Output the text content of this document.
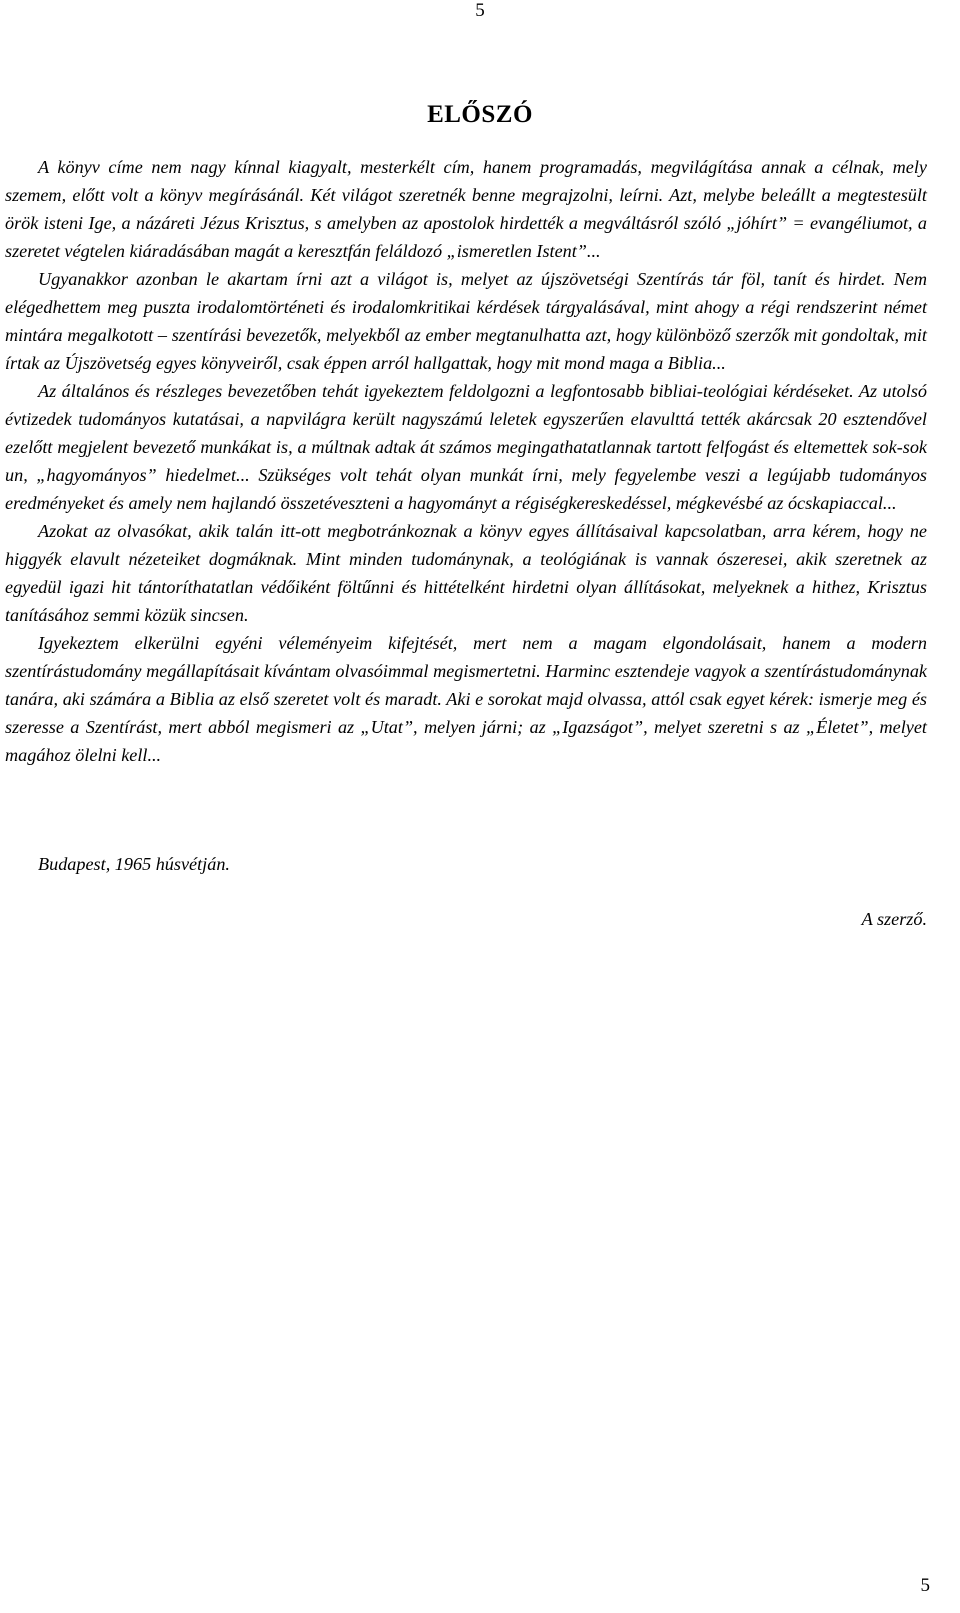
5
ELŐSZÓ

A könyv címe nem nagy kínnal kiagyalt, mesterkélt cím, hanem programadás, megvilágítása annak a célnak, mely szemem, előtt volt a könyv megírásánál. Két világot szeretnék benne megrajzolni, leírni. Azt, melybe beleállt a megtestesült örök isteni Ige, a názáreti Jézus Krisztus, s amelyben az apostolok hirdették a megváltásról szóló „jóhírt” = evangéliumot, a szeretet végtelen kiáradásában magát a keresztfán feláldozó „ismeretlen Istent”...

Ugyanakkor azonban le akartam írni azt a világot is, melyet az újszövetségi Szentírás tár föl, tanít és hirdet. Nem elégedhettem meg puszta irodalomtörténeti és irodalomkritikai kérdések tárgyalásával, mint ahogy a régi rendszerint német mintára megalkotott – szentírási bevezetők, melyekből az ember megtanulhatta azt, hogy különböző szerzők mit gondoltak, mit írtak az Újszövetség egyes könyveiről, csak éppen arról hallgattak, hogy mit mond maga a Biblia...

Az általános és részleges bevezetőben tehát igyekeztem feldolgozni a legfontosabb bibliai-teológiai kérdéseket. Az utolsó évtizedek tudományos kutatásai, a napvilágra került nagyszámú leletek egyszerűen elavulttá tették akárcsak 20 esztendővel ezelőtt megjelent bevezető munkákat is, a múltnak adtak át számos megingathatatlannak tartott felfogást és eltemettek sok-sok un, „hagyományos” hiedelmet... Szükséges volt tehát olyan munkát írni, mely fegyelembe veszi a legújabb tudományos eredményeket és amely nem hajlandó összetéveszteni a hagyományt a régiségkereskedéssel, mégkevésbé az ócskapiaccal...

Azokat az olvasókat, akik talán itt-ott megbotránkoznak a könyv egyes állításaival kapcsolatban, arra kérem, hogy ne higgyék elavult nézeteiket dogmáknak. Mint minden tudománynak, a teológiának is vannak ószeresei, akik szeretnek az egyedül igazi hit tántoríthatatlan védőiként föltűnni és hittételként hirdetni olyan állításokat, melyeknek a hithez, Krisztus tanításához semmi közük sincsen.

Igyekeztem elkerülni egyéni véleményeim kifejtését, mert nem a magam elgondolásait, hanem a modern szentírástudomány megállapításait kívántam olvasóimmal megismertetni. Harminc esztendeje vagyok a szentírástudománynak tanára, aki számára a Biblia az első szeretet volt és maradt. Aki e sorokat majd olvassa, attól csak egyet kérek: ismerje meg és szeresse a Szentírást, mert abból megismeri az „Utat”, melyen járni; az „Igazságot”, melyet szeretni s az „Életet”, melyet magához ölelni kell...

Budapest, 1965 húsvétján.
A szerző.
5
